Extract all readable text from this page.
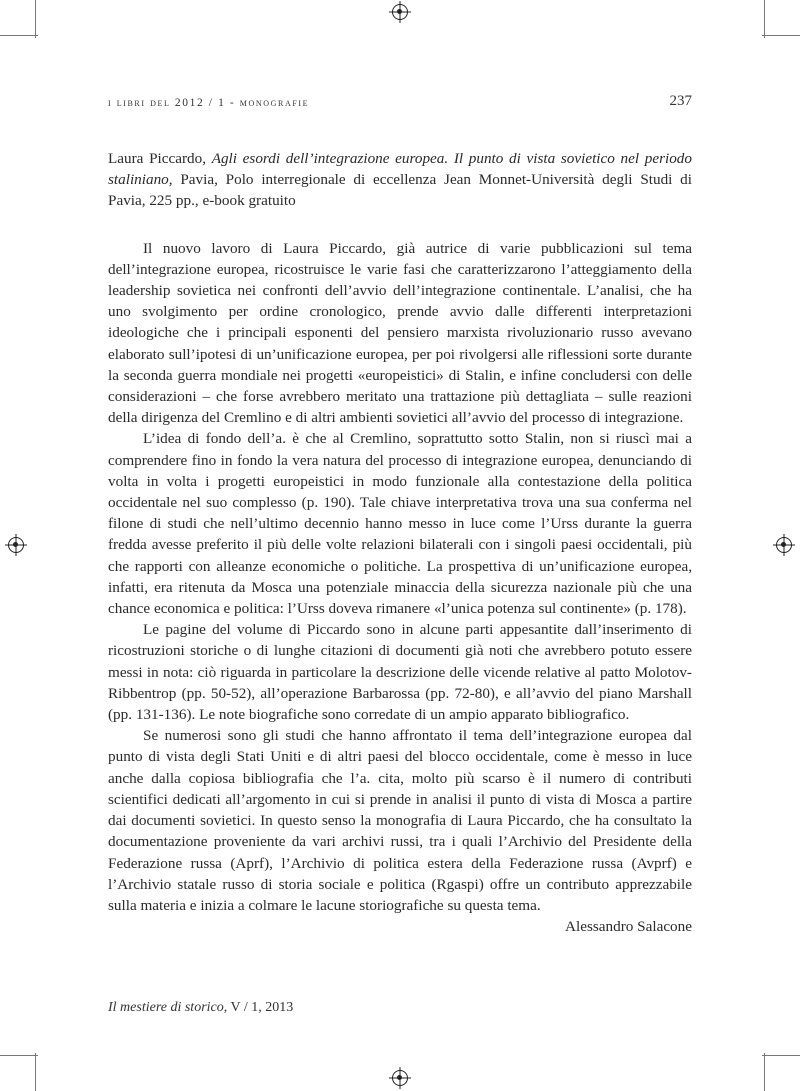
i libri del 2012 / 1 - monografie	237

Laura Piccardo, Agli esordi dell’integrazione europea. Il punto di vista sovietico nel periodo staliniano, Pavia, Polo interregionale di eccellenza Jean Monnet-Università degli Studi di Pavia, 225 pp., e-book gratuito

Il nuovo lavoro di Laura Piccardo, già autrice di varie pubblicazioni sul tema dell’integrazione europea, ricostruisce le varie fasi che caratterizzarono l’atteggiamento della leadership sovietica nei confronti dell’avvio dell’integrazione continentale. L’analisi, che ha uno svolgimento per ordine cronologico, prende avvio dalle differenti interpretazioni ideologiche che i principali esponenti del pensiero marxista rivoluzionario russo avevano elaborato sull’ipotesi di un’unificazione europea, per poi rivolgersi alle riflessioni sorte durante la seconda guerra mondiale nei progetti «europeistici» di Stalin, e infine concludersi con delle considerazioni – che forse avrebbero meritato una trattazione più dettagliata – sulle reazioni della dirigenza del Cremlino e di altri ambienti sovietici all’avvio del processo di integrazione.

L’idea di fondo dell’a. è che al Cremlino, soprattutto sotto Stalin, non si riuscì mai a comprendere fino in fondo la vera natura del processo di integrazione europea, denunciando di volta in volta i progetti europeistici in modo funzionale alla contestazione della politica occidentale nel suo complesso (p. 190). Tale chiave interpretativa trova una sua conferma nel filone di studi che nell’ultimo decennio hanno messo in luce come l’Urss durante la guerra fredda avesse preferito il più delle volte relazioni bilaterali con i singoli paesi occidentali, più che rapporti con alleanze economiche o politiche. La prospettiva di un’unificazione europea, infatti, era ritenuta da Mosca una potenziale minaccia della sicurezza nazionale più che una chance economica e politica: l’Urss doveva rimanere «l’unica potenza sul continente» (p. 178).

Le pagine del volume di Piccardo sono in alcune parti appesantite dall’inserimento di ricostruzioni storiche o di lunghe citazioni di documenti già noti che avrebbero potuto essere messi in nota: ciò riguarda in particolare la descrizione delle vicende relative al patto Molotov-Ribbentrop (pp. 50-52), all’operazione Barbarossa (pp. 72-80), e all’avvio del piano Marshall (pp. 131-136). Le note biografiche sono corredate di un ampio apparato bibliografico.

Se numerosi sono gli studi che hanno affrontato il tema dell’integrazione europea dal punto di vista degli Stati Uniti e di altri paesi del blocco occidentale, come è messo in luce anche dalla copiosa bibliografia che l’a. cita, molto più scarso è il numero di contributi scientifici dedicati all’argomento in cui si prende in analisi il punto di vista di Mosca a partire dai documenti sovietici. In questo senso la monografia di Laura Piccardo, che ha consultato la documentazione proveniente da vari archivi russi, tra i quali l’Archivio del Presidente della Federazione russa (Aprf), l’Archivio di politica estera della Federazione russa (Avprf) e l’Archivio statale russo di storia sociale e politica (Rgaspi) offre un contributo apprezzabile sulla materia e inizia a colmare le lacune storiografiche su questa tema.

Alessandro Salacone

Il mestiere di storico, V / 1, 2013
